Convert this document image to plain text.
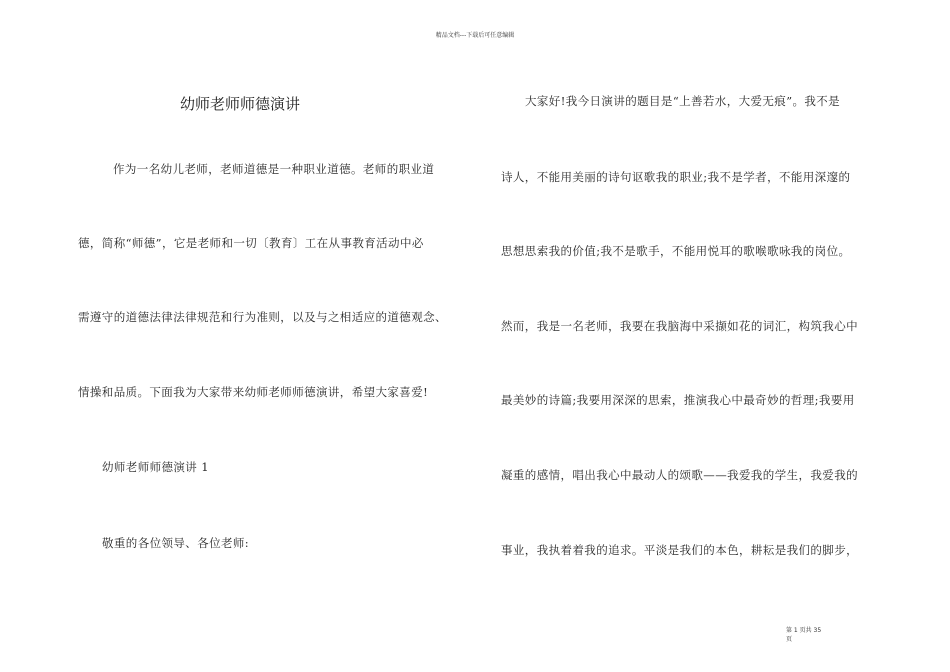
精品文档---下载后可任意编辑
幼师老师师德演讲
作为一名幼儿老师，老师道德是一种职业道德。老师的职业道
德，简称“师德”，它是老师和一切〔教育〕工在从事教育活动中必
需遵守的道德法律法律规范和行为准则，以及与之相适应的道德观念、
情操和品质。下面我为大家带来幼师老师师德演讲，希望大家喜爱!
幼师老师师德演讲 1
敬重的各位领导、各位老师:
大家好!我今日演讲的题目是“上善若水，大爱无痕”。我不是
诗人，不能用美丽的诗句讴歌我的职业;我不是学者，不能用深邃的
思想思索我的价值;我不是歌手，不能用悦耳的歌喉歌咏我的岗位。
然而，我是一名老师，我要在我脑海中采撷如花的词汇，构筑我心中
最美妙的诗篇;我要用深深的思索，推演我心中最奇妙的哲理;我要用
凝重的感情，唱出我心中最动人的颂歌——我爱我的学生，我爱我的
事业，我执着着我的追求。平淡是我们的本色，耕耘是我们的脚步，
第 1 页共 35
页
